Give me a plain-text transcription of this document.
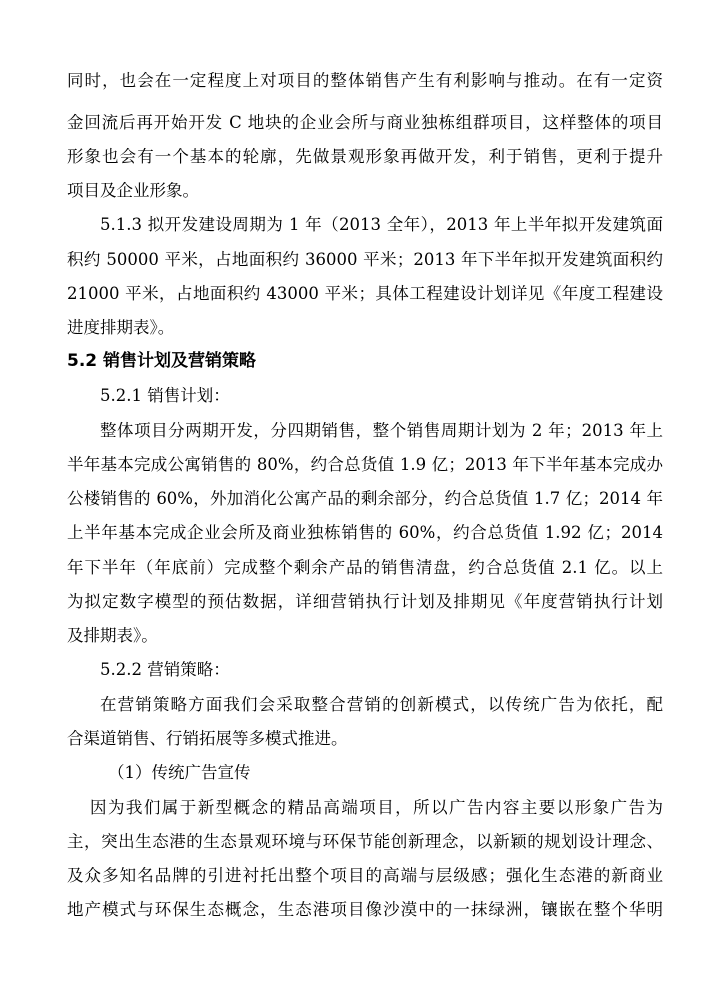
同时，也会在一定程度上对项目的整体销售产生有利影响与推动。在有一定资
金回流后再开始开发 C 地块的企业会所与商业独栋组群项目，这样整体的项目
形象也会有一个基本的轮廓，先做景观形象再做开发，利于销售，更利于提升
项目及企业形象。
5.1.3 拟开发建设周期为 1 年（2013 全年），2013 年上半年拟开发建筑面
积约 50000 平米，占地面积约 36000 平米；2013 年下半年拟开发建筑面积约
21000 平米，占地面积约 43000 平米；具体工程建设计划详见《年度工程建设
进度排期表》。
5.2 销售计划及营销策略
5.2.1 销售计划：
整体项目分两期开发，分四期销售，整个销售周期计划为 2 年；2013 年上
半年基本完成公寓销售的 80%，约合总货值 1.9 亿；2013 年下半年基本完成办
公楼销售的 60%，外加消化公寓产品的剩余部分，约合总货值 1.7 亿；2014 年
上半年基本完成企业会所及商业独栋销售的 60%，约合总货值 1.92 亿；2014
年下半年（年底前）完成整个剩余产品的销售清盘，约合总货值 2.1 亿。以上
为拟定数字模型的预估数据，详细营销执行计划及排期见《年度营销执行计划
及排期表》。
5.2.2 营销策略：
在营销策略方面我们会采取整合营销的创新模式，以传统广告为依托，配
合渠道销售、行销拓展等多模式推进。
（1）传统广告宣传
因为我们属于新型概念的精品高端项目，所以广告内容主要以形象广告为
主，突出生态港的生态景观环境与环保节能创新理念，以新颖的规划设计理念、
及众多知名品牌的引进衬托出整个项目的高端与层级感；强化生态港的新商业
地产模式与环保生态概念，生态港项目像沙漠中的一抹绿洲，镶嵌在整个华明
